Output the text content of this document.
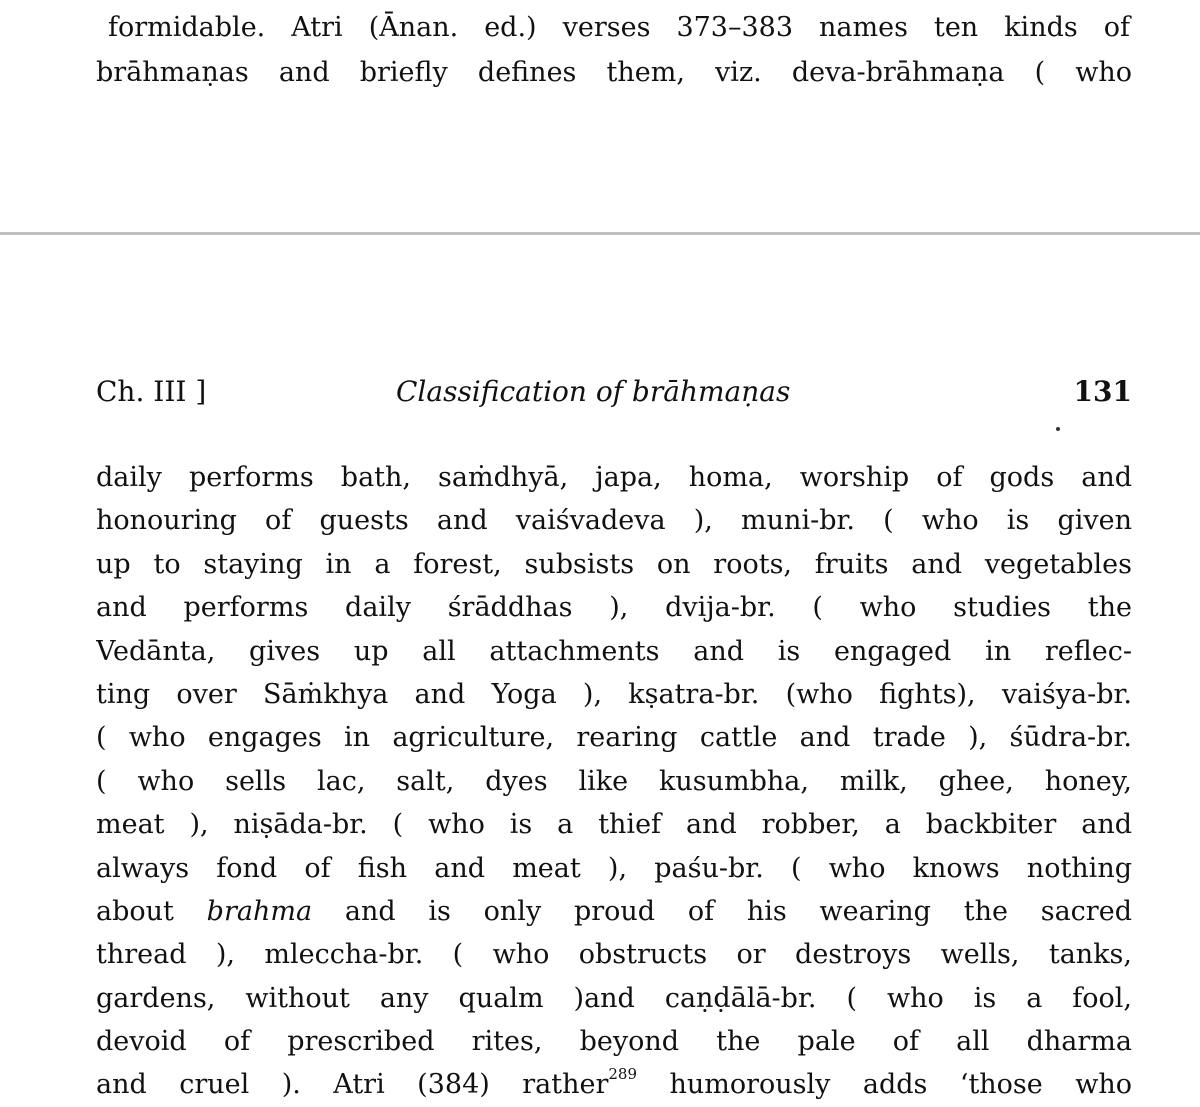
formidable. Atri (Ānan. ed.) verses 373–383 names ten kinds of
brāhmaṇas and briefly defines them, viz. deva-brāhmaṇa ( who
Ch. III ]	Classification of brāhmaṇas	131
daily performs bath, saṁdhyā, japa, homa, worship of gods and
honouring of guests and vaiśvadeva ), muni-br. ( who is given
up to staying in a forest, subsists on roots, fruits and vegetables
and performs daily śrāddhas ), dvija-br. ( who studies the
Vedānta, gives up all attachments and is engaged in reflec-
ting over Sāṁkhya and Yoga ), kṣatra-br. (who fights), vaiśya-br.
( who engages in agriculture, rearing cattle and trade ), śūdra-br.
( who sells lac, salt, dyes like kusumbha, milk, ghee, honey,
meat ), niṣāda-br. ( who is a thief and robber, a backbiter and
always fond of fish and meat ), paśu-br. ( who knows nothing
about brahma and is only proud of his wearing the sacred
thread ), mleccha-br. ( who obstructs or destroys wells, tanks,
gardens, without any qualm )and caṇḍālā-br. ( who is a fool,
devoid of prescribed rites, beyond the pale of all dharma
and cruel ). Atri (384) rather$^{289}$ humorously adds ‘those who
